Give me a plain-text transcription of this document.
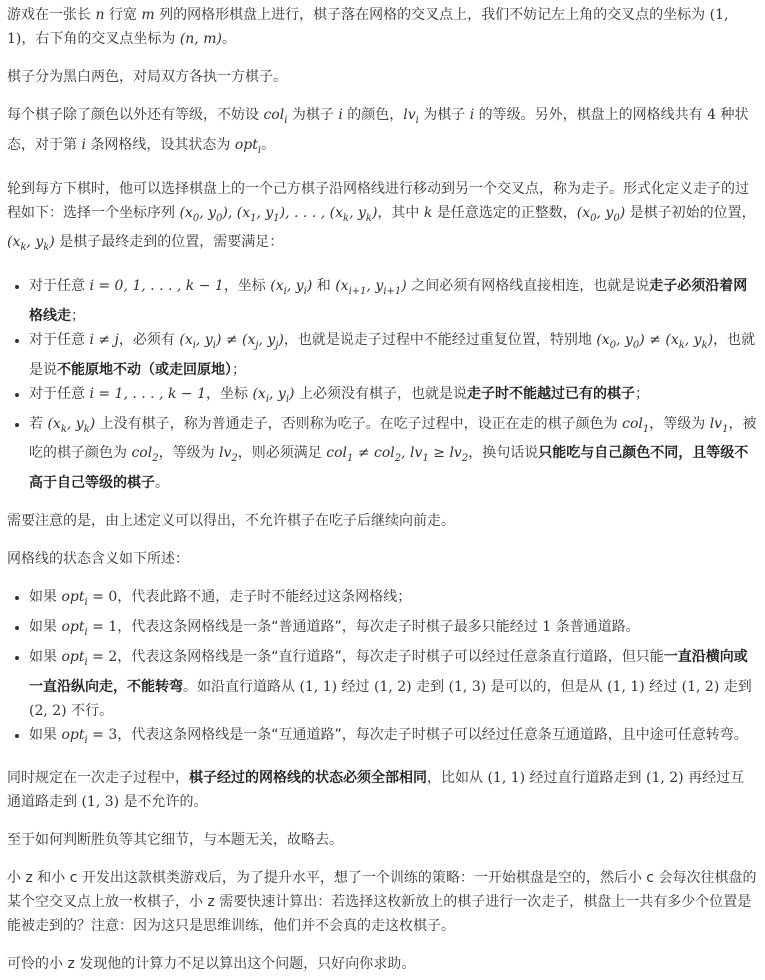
游戏在一张长 n 行宽 m 列的网格形棋盘上进行，棋子落在网格的交叉点上，我们不妨记左上角的交叉点的坐标为 (1, 1)，右下角的交叉点坐标为 (n, m)。

棋子分为黑白两色，对局双方各执一方棋子。

每个棋子除了颜色以外还有等级，不妨设 col$_i$ 为棋子 i 的颜色，$lv_i$ 为棋子 i 的等级。另外，棋盘上的网格线共有 4 种状态，对于第 i 条网格线，设其状态为 opt$_i$。

轮到每方下棋时，他可以选择棋盘上的一个己方棋子沿网格线进行移动到另一个交叉点，称为走子。形式化定义走子的过程如下：选择一个坐标序列 ($x_0$, $y_0$), ($x_1$, $y_1$), . . . , ($x_k$, $y_k$)，其中 k 是任意选定的正整数，($x_0$, $y_0$) 是棋子初始的位置，($x_k$, $y_k$) 是棋子最终走到的位置，需要满足：

• 对于任意 i = 0, 1, . . . , k − 1，坐标 ($x_i$, $y_i$) 和 ($x_{i+1}$, $y_{i+1}$) 之间必须有网格线直接相连，也就是说走子必须沿着网格线走；
• 对于任意 i ≠ j，必须有 ($x_i$, $y_i) \ne (x_j$, $y_j$)，也就是说走子过程中不能经过重复位置，特别地 ($x_0$, $y_0) \ne (x_k$, $y_k$)，也就是说不能原地不动（或走回原地）；
• 对于任意 i = 1, . . . , k − 1，坐标 ($x_i$, $y_i$) 上必须没有棋子，也就是说走子时不能越过已有的棋子；
• 若 ($x_k$, $y_k$) 上没有棋子，称为普通走子，否则称为吃子。在吃子过程中，设正在走的棋子颜色为 col$_1$，等级为 $lv_1$，被吃的棋子颜色为 col$_2$，等级为 $lv_2$，则必须满足 col$_1$ ≠ col$_2$, $lv_1 \ge lv_2$，换句话说只能吃与自己颜色不同，且等级不高于自己等级的棋子。

需要注意的是，由上述定义可以得出，不允许棋子在吃子后继续向前走。

网格线的状态含义如下所述：

• 如果 opt$_i$ = 0，代表此路不通，走子时不能经过这条网格线；
• 如果 opt$_i$ = 1，代表这条网格线是一条“普通道路”，每次走子时棋子最多只能经过 1 条普通道路。
• 如果 opt$_i$ = 2，代表这条网格线是一条“直行道路”，每次走子时棋子可以经过任意条直行道路，但只能一直沿横向或一直沿纵向走，不能转弯。如沿直行道路从 (1, 1) 经过 (1, 2) 走到 (1, 3) 是可以的，但是从 (1, 1) 经过 (1, 2) 走到 (2, 2) 不行。
• 如果 opt$_i$ = 3，代表这条网格线是一条“互通道路”，每次走子时棋子可以经过任意条互通道路，且中途可任意转弯。

同时规定在一次走子过程中，棋子经过的网格线的状态必须全部相同，比如从 (1, 1) 经过直行道路走到 (1, 2) 再经过互通道路走到 (1, 3) 是不允许的。

至于如何判断胜负等其它细节，与本题无关，故略去。

小 z 和小 c 开发出这款棋类游戏后，为了提升水平，想了一个训练的策略：一开始棋盘是空的，然后小 c 会每次往棋盘的某个空交叉点上放一枚棋子，小 z 需要快速计算出：若选择这枚新放上的棋子进行一次走子，棋盘上一共有多少个位置是能被走到的？注意：因为这只是思维训练，他们并不会真的走这枚棋子。

可怜的小 z 发现他的计算力不足以算出这个问题，只好向你求助。
